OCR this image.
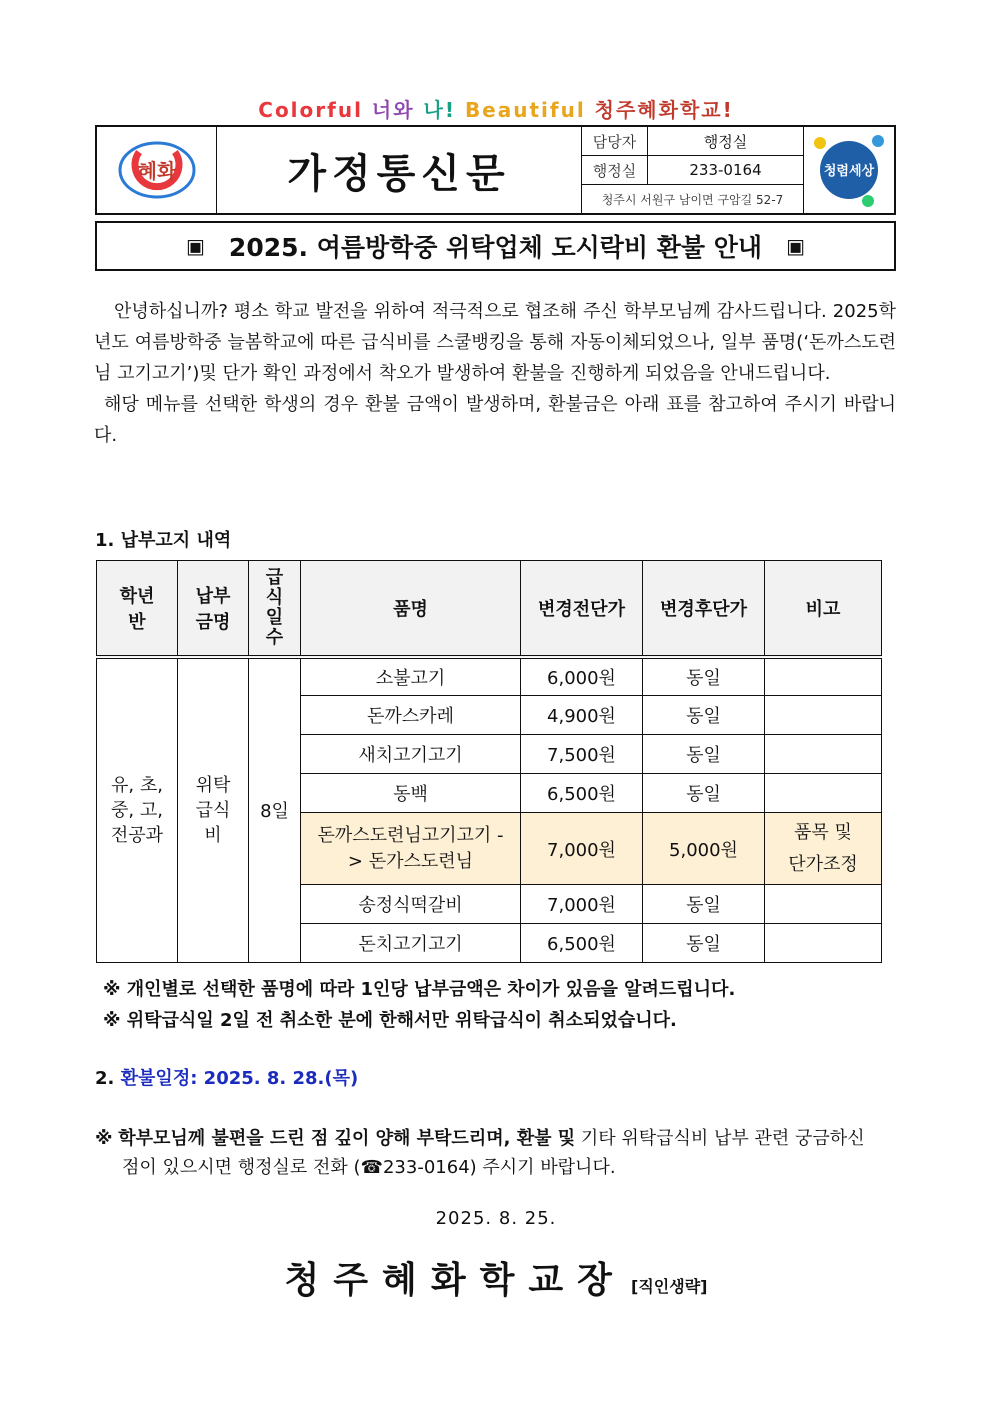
Colorful 너와 나! Beautiful 청주혜화학교!
혜화	가정통신문
담당자	행정실
행정실	233-0164
청주시 서원구 남이면 구암길 52-7
청렴세상
▣ 2025. 여름방학중 위탁업체 도시락비 환불 안내 ▣

안녕하십니까? 평소 학교 발전을 위하여 적극적으로 협조해 주신 학부모님께 감사드립니다. 2025학년도 여름방학중 늘봄학교에 따른 급식비를 스쿨뱅킹을 통해 자동이체되었으나, 일부 품명(‘돈까스도련님 고기고기’)및 단가 확인 과정에서 착오가 발생하여 환불을 진행하게 되었음을 안내드립니다.

해당 메뉴를 선택한 학생의 경우 환불 금액이 발생하며, 환불금은 아래 표를 참고하여 주시기 바랍니다.

1. 납부고지 내역
학년반	납부금명	급식일수	품명	변경전단가	변경후단가	비고
유, 초, 중, 고, 전공과	위탁급식비	8일	소불고기	6,000원	동일	
			돈까스카레	4,900원	동일	
			새치고기고기	7,500원	동일	
			동백	6,500원	동일	
			돈까스도련님고기고기 -> 돈가스도련님	7,000원	5,000원	품목 및 단가조정
			송정식떡갈비	7,000원	동일	
			돈치고기고기	6,500원	동일	
※ 개인별로 선택한 품명에 따라 1인당 납부금액은 차이가 있음을 알려드립니다.
※ 위탁급식일 2일 전 취소한 분에 한해서만 위탁급식이 취소되었습니다.
2. 환불일정: 2025. 8. 28.(목)
※ 학부모님께 불편을 드린 점 깊이 양해 부탁드리며, 환불 및 기타 위탁급식비 납부 관련 궁금하신
점이 있으시면 행정실로 전화 (☎233-0164) 주시기 바랍니다.
2025. 8. 25.
청주혜화학교장 [직인생략]
